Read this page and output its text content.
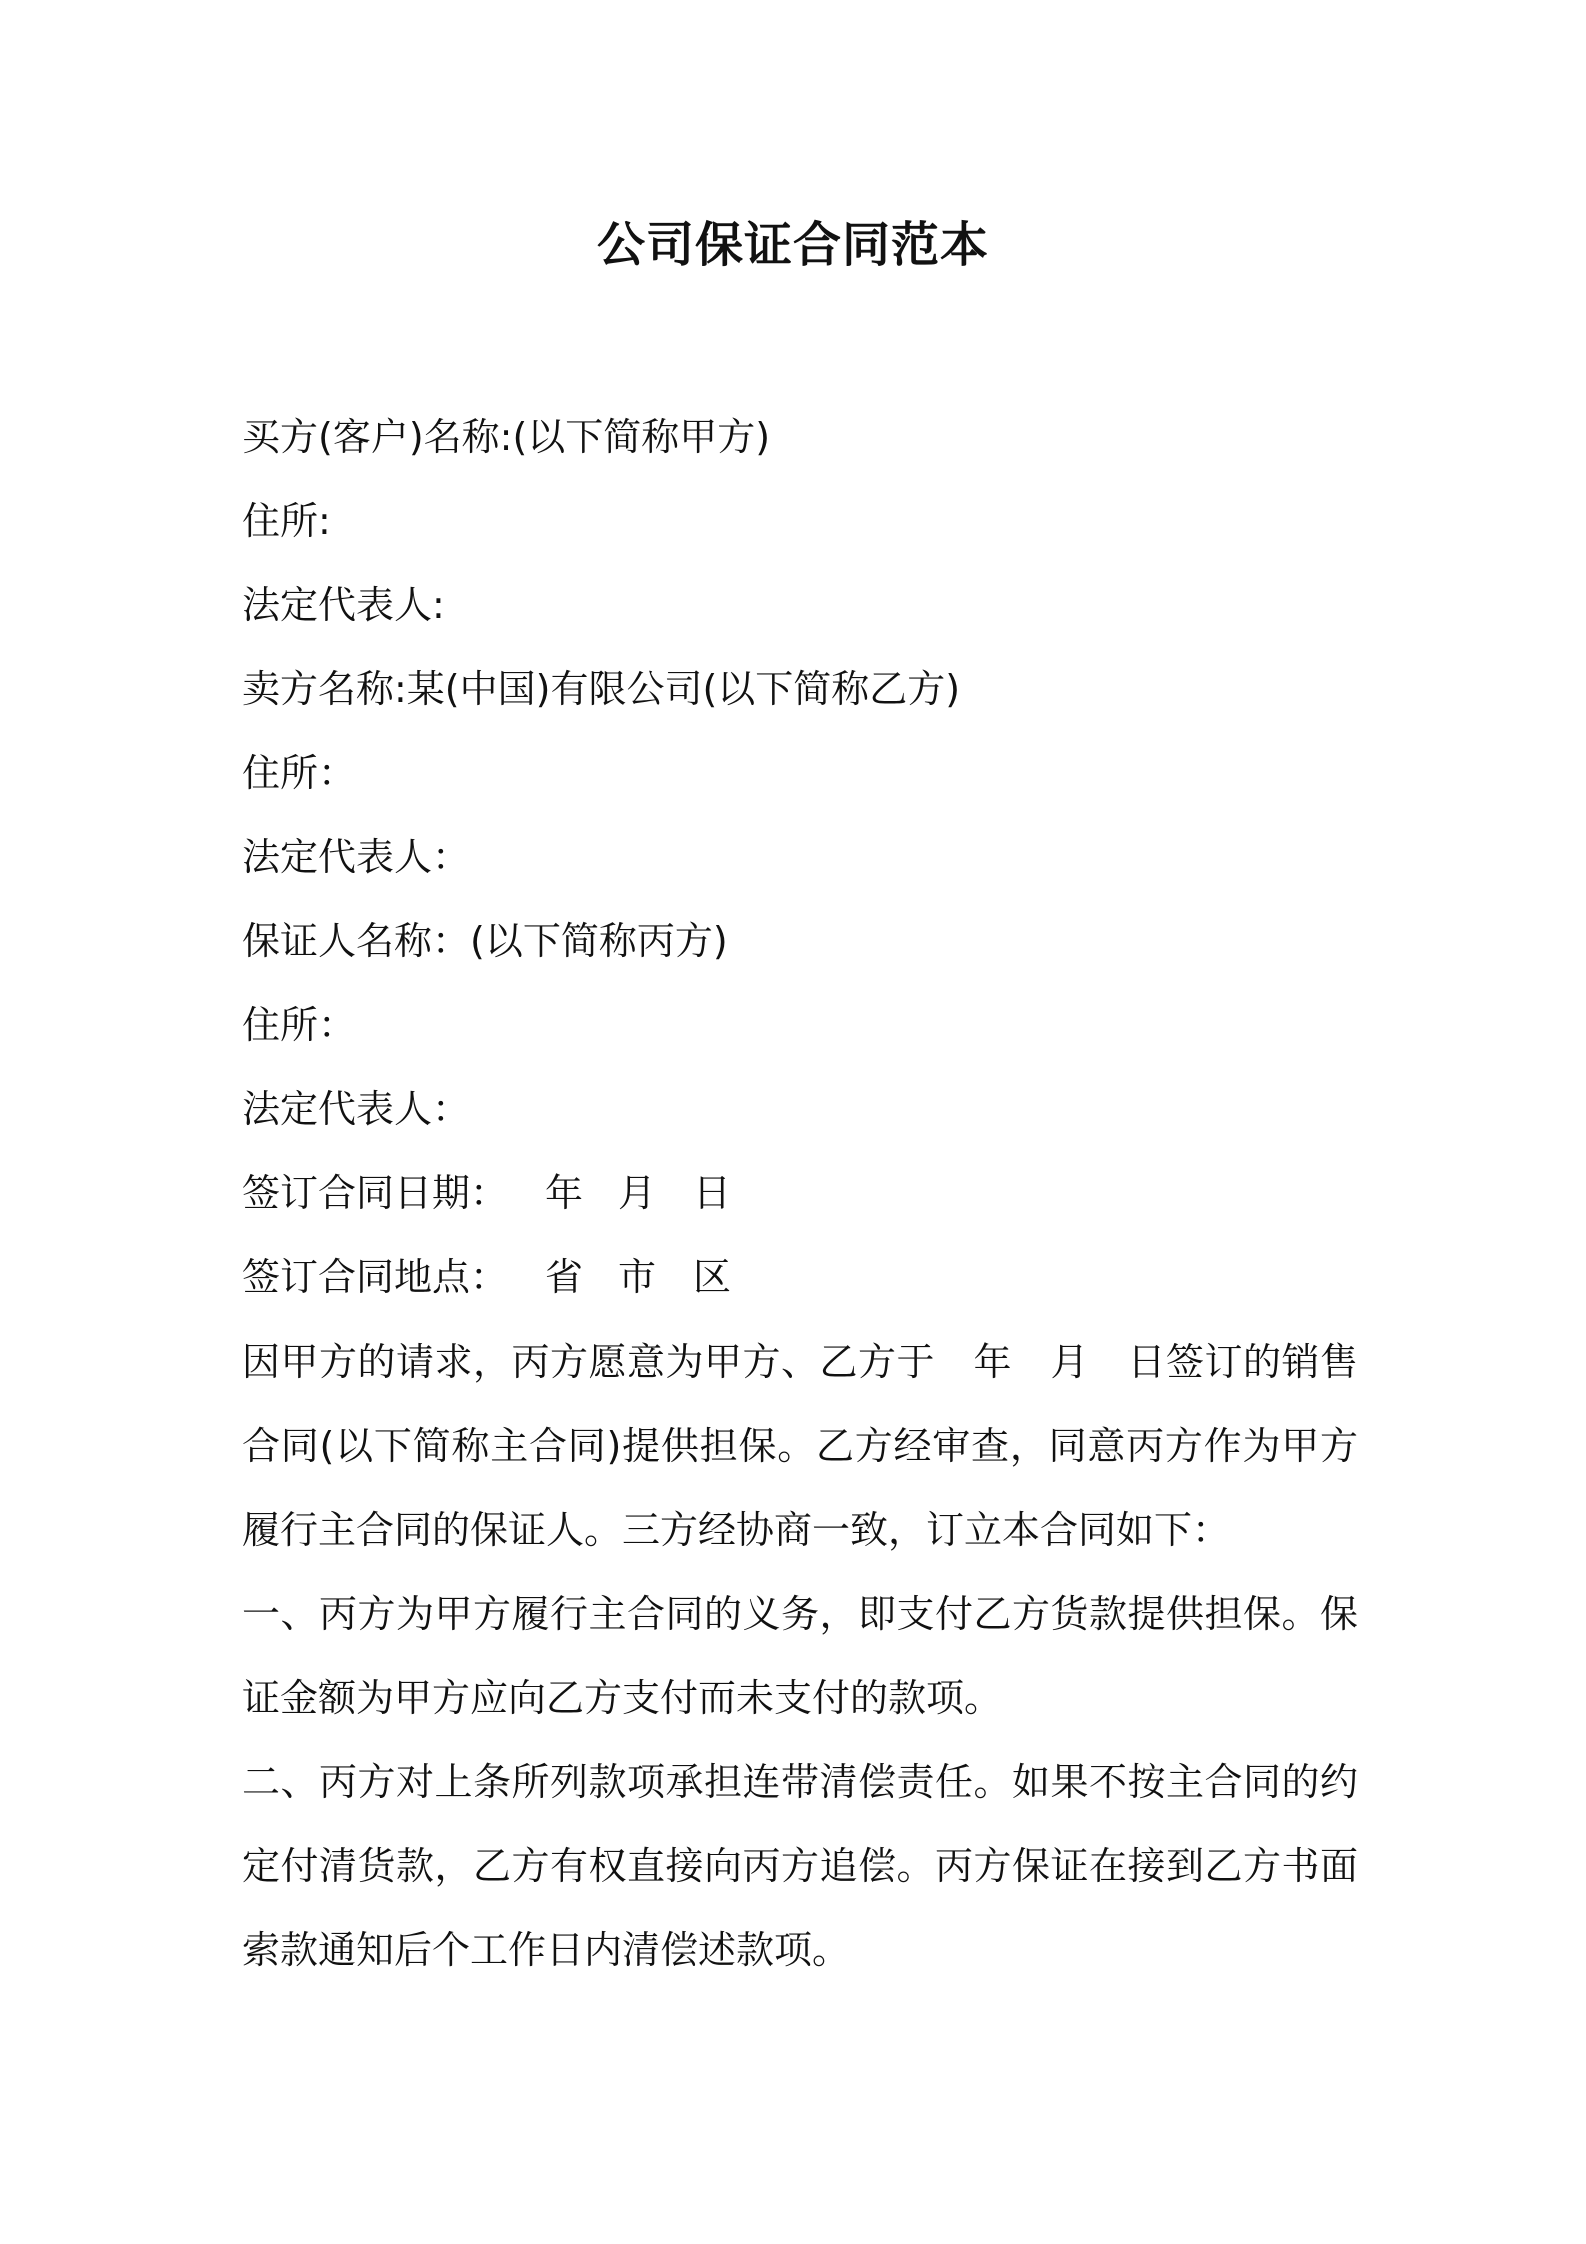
公司保证合同范本
买方(客户)名称:(以下简称甲方)
住所:
法定代表人:
卖方名称:某(中国)有限公司(以下简称乙方)
住所：
法定代表人：
保证人名称：(以下简称丙方)
住所：
法定代表人：
签订合同日期： 年 月 日
签订合同地点： 省 市 区
因甲方的请求，丙方愿意为甲方、乙方于　年　月　日签订的销售合同(以下简称主合同)提供担保。乙方经审查，同意丙方作为甲方履行主合同的保证人。三方经协商一致，订立本合同如下：
一、丙方为甲方履行主合同的义务，即支付乙方货款提供担保。保证金额为甲方应向乙方支付而未支付的款项。
二、丙方对上条所列款项承担连带清偿责任。如果不按主合同的约定付清货款，乙方有权直接向丙方追偿。丙方保证在接到乙方书面索款通知后个工作日内清偿述款项。
